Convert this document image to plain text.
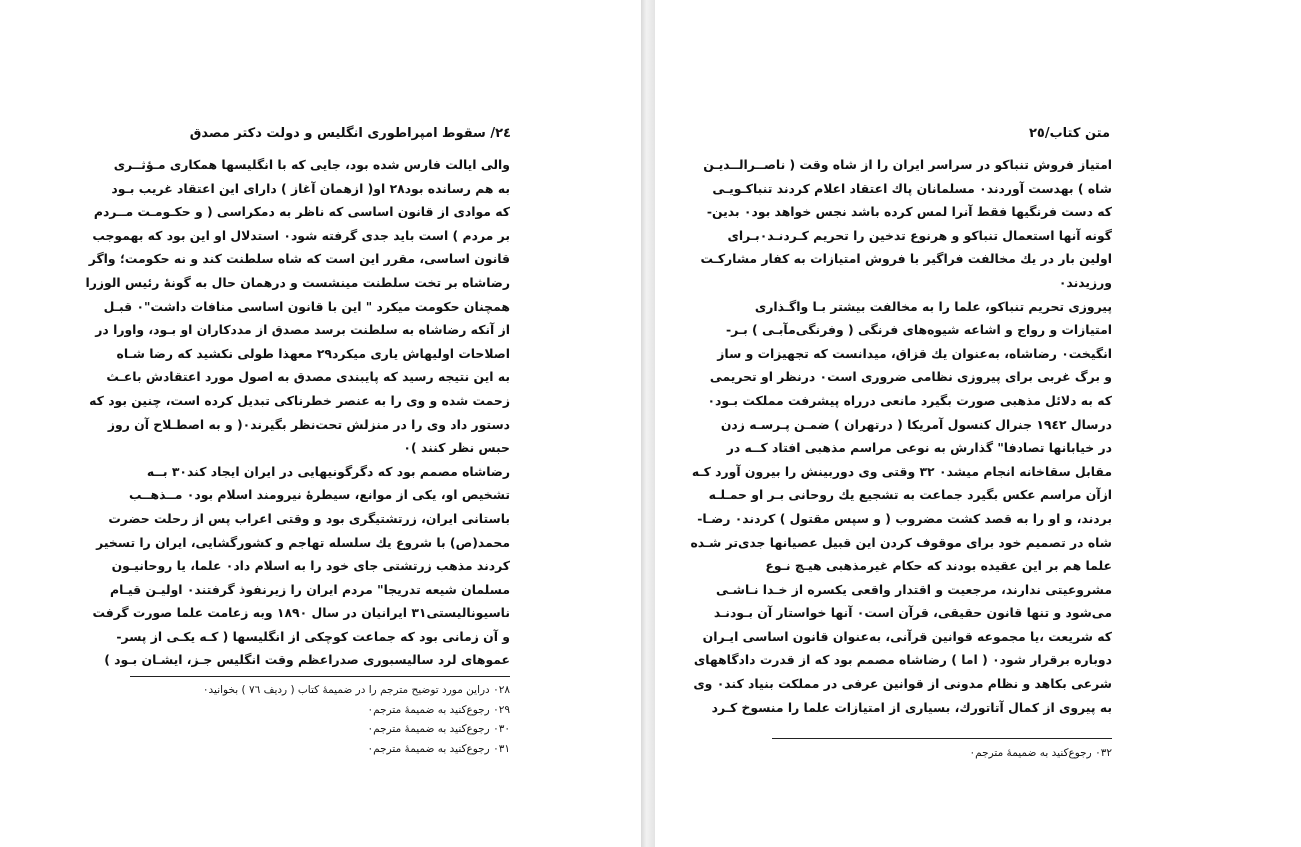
٢٤/ سقوط امپراطوری انگلیس و دولت دکتر مصدق

والی ایالت فارس شده بود، جایی که با انگلیسها همکاری مـؤثــری

به هم رسانده بود٢٨ او( ازهمان آغاز ) دارای این اعتقاد غریب بـود

که موادی از قانون اساسی که ناظر به دمکراسی ( و حکـومـت مــردم

بر مردم ) است باید جدی گرفته شود٠ استدلال او این بود که بهموجب

قانون اساسی، مقرر این است که شاه سلطنت کند و نه حکومت؛ واگر

رضاشاه بر تخت سلطنت مینشست و درهمان حال به گونهٔ رئیس الوزرا

همچنان حکومت میکرد " این با قانون اساسی منافات داشت"٠ قبـل

از آنکه رضاشاه به سلطنت برسد مصدق از مددکاران او بـود، واورا در

اصلاحات اولیهاش یاری میکرد٢٩ معهذا طولی نکشید که رضا شـاه

به این نتیجه رسید که پایبندی مصدق به اصول مورد اعتقادش باعـث

زحمت شده و وی را به عنصر خطرناکی تبدیل کرده است، چنین بود که

دستور داد وی را در منزلش تحت‌نظر بگیرند٠( و به اصطـلاح آن روز

حبس نظر کنند )٠

رضاشاه مصمم بود که دگرگونیهایی در ایران ایجاد کند٣٠ بــه

تشخیص او، یکی از موانع، سیطرهٔ نیرومند اسلام بود٠ مــذهــب

باستانی ایران، زرتشتیگری بود و وقتی اعراب پس از رحلت حضرت

محمد(ص) با شروع یك سلسله تهاجم و کشورگشایی، ایران را تسخیر

کردند مذهب زرتشتی جای خود را به اسلام داد٠ علما، یا روحانیـون

مسلمان شیعه تدریجا" مردم ایران را زیرنفوذ گرفتند٠ اولیـن قیـام

ناسیونالیستی٣١ ایرانیان در سال ١٨٩٠ وبه زعامت علما صورت گرفت

و آن زمانی بود که جماعت کوچکی از انگلیسها ( کـه یکـی از پسر-

عموهای لرد سالیسبوری صدراعظم وقت انگلیس جـز، ایشـان بـود )

٠٢٨ دراین مورد توضیح مترجم را در ضمیمهٔ کتاب ( ردیف ٧٦ ) بخوانید٠

٠٢٩ رجوع‌کنید به ضمیمهٔ مترجم٠

٠٣٠ رجوع‌کنید به ضمیمهٔ مترجم٠

٠٣١ رجوع‌کنید به ضمیمهٔ مترجم٠

متن کتاب/٢٥

امتیاز فروش تنباکو در سراسر ایران را از شاه وقت ( ناصــرالــدیـن

شاه ) بهدست آوردند٠ مسلمانان پاك اعتقاد اعلام کردند تنباکـویـی

که دست فرنگیها فقط آنرا لمس کرده باشد نجس خواهد بود٠ بدین-

گونه آنها استعمال تنباکو و هرنوع تدخین را تحریم کـردنـد٠بـرای

اولین بار در یك مخالفت فراگیر با فروش امتیازات به کفار مشارکـت

ورزیدند٠

پیروزی تحریم تنباکو، علما را به مخالفت بیشتر بـا واگـذاری

امتیازات و رواج و اشاعه شیوه‌های فرنگی ( وفرنگی‌مآبـی ) بـر-

انگیخت٠ رضاشاه، به‌عنوان یك قزاق، میدانست که تجهیزات و ساز

و برگ غربی برای پیروزی نظامی ضروری است٠ درنظر او تحریمی

که به دلائل مذهبی صورت بگیرد مانعی درراه پیشرفت مملکت بـود٠

درسال ١٩٤٢ جنرال کنسول آمریکا ( درتهران ) ضمـن پـرسـه زدن

در خیابانها تصادفا" گذارش به نوعی مراسم مذهبی افتاد کــه در

مقابل سقاخانه انجام میشد٠ ٣٢ وقتی وی دوربینش را بیرون آورد کـه

ازآن مراسم عکس بگیرد جماعت به تشجیع یك روحانی بـر او حمـلـه

بردند، و او را به قصد کشت مضروب ( و سپس مقتول ) کردند٠ رضـا-

شاه در تصمیم خود برای موقوف کردن این قبیل عصیانها جدی‌تر شـده

علما هم بر این عقیده بودند که حکام غیرمذهبی هیـچ نـوع

مشروعیتی ندارند، مرجعیت و اقتدار واقعی یکسره از خـدا نـاشـی

می‌شود و تنها قانون حقیقی، قرآن است٠ آنها خواستار آن بـودنـد

که شریعت ،یا مجموعه قوانین قرآنی، به‌عنوان قانون اساسی ایـران

دوباره برقرار شود٠ ( اما ) رضاشاه مصمم بود که از قدرت دادگاههای

شرعی بکاهد و نظام مدونی از قوانین عرفی در مملکت بنیاد کند٠ وی

به پیروی از کمال آتاتورك، بسیاری از امتیازات علما را منسوخ کـرد

٠٣٢ رجوع‌کنید به ضمیمهٔ مترجم٠
